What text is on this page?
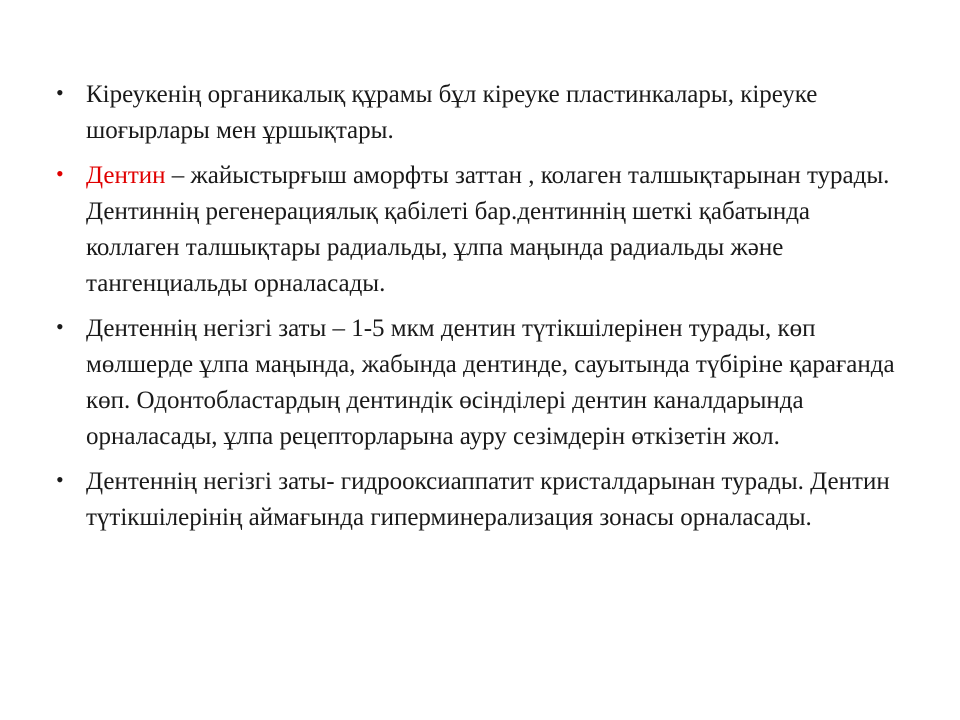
• Кіреукенің органикалық құрамы бұл кіреуке пластинкалары, кіреуке шоғырлары мен ұршықтары.
• Дентин – жайыстырғыш аморфты заттан , колаген талшықтарынан турады. Дентиннің регенерациялық қабілеті бар.дентиннің шеткі қабатында коллаген талшықтары радиальды, ұлпа маңында радиальды және тангенциальды орналасады.
• Дентеннің негізгі заты – 1-5 мкм дентин түтікшілерінен турады, көп мөлшерде ұлпа маңында, жабында дентинде, сауытында түбіріне қарағанда көп. Одонтобластардың дентиндік өсінділері дентин каналдарында орналасады, ұлпа рецепторларына ауру сезімдерін өткізетін жол.
• Дентеннің негізгі заты- гидрооксиаппатит кристалдарынан турады. Дентин түтікшілерінің аймағында гиперминерализация зонасы орналасады.
